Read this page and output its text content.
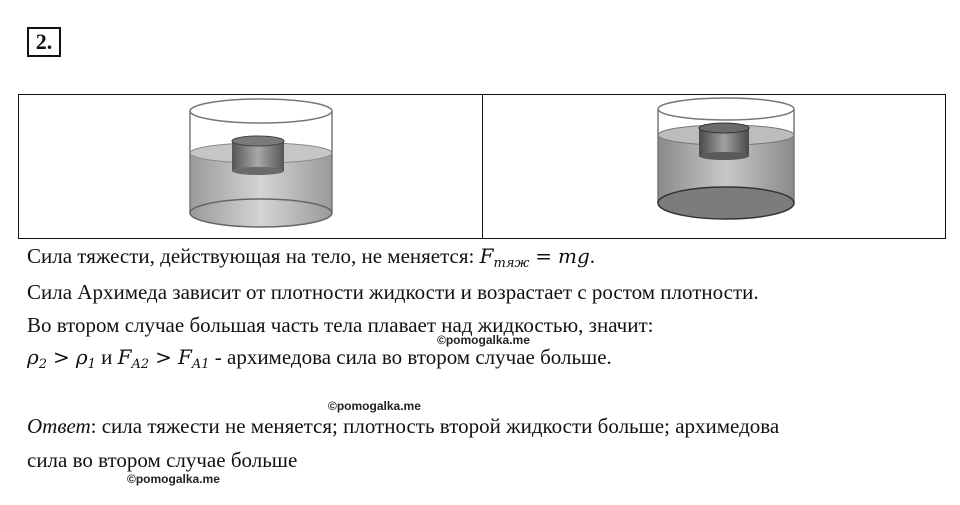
2.
Сила тяжести, действующая на тело, не меняется: $F_{тяж}$ = mg.
Сила Архимеда зависит от плотности жидкости и возрастает с ростом плотности.
Во втором случае большая часть тела плавает над жидкостью, значит:
$\rho_2 > \rho_1$ и $F_{A2} > F_{A1}$ - архимедова сила во втором случае больше.
Ответ: сила тяжести не меняется; плотность второй жидкости больше; архимедова
сила во втором случае больше
©pomogalka.me
©pomogalka.me
©pomogalka.me
